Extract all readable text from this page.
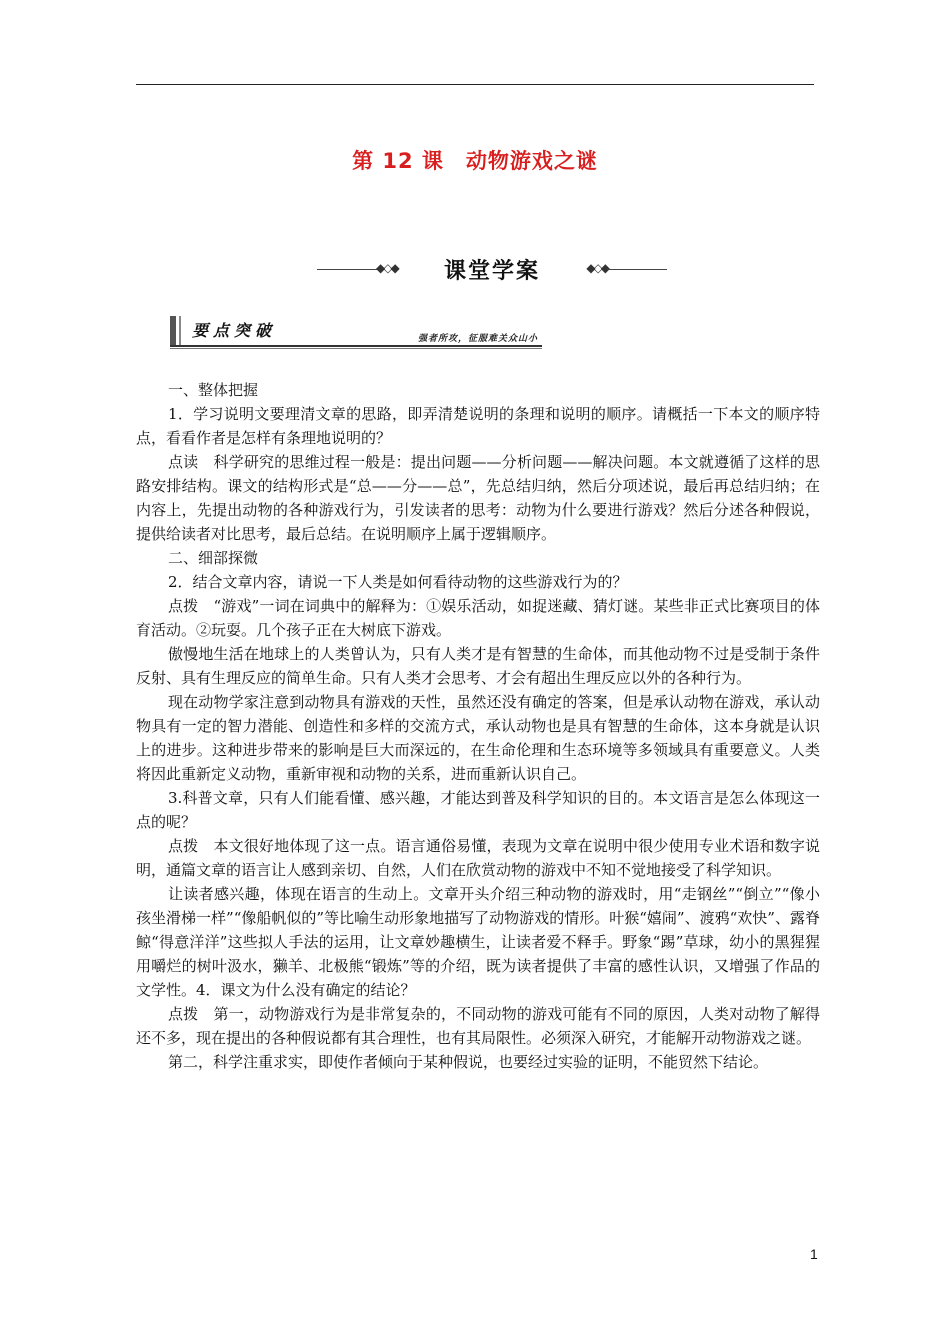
第 12 课　动物游戏之谜
◆◇◆	课堂学案	◆◇◆
要点突破	强者所攻，征服难关众山小

一、整体把握

1．学习说明文要理清文章的思路，即弄清楚说明的条理和说明的顺序。请概括一下本文的顺序特点，看看作者是怎样有条理地说明的？

点读　科学研究的思维过程一般是：提出问题——分析问题——解决问题。本文就遵循了这样的思路安排结构。课文的结构形式是“总——分——总”，先总结归纳，然后分项述说，最后再总结归纳；在内容上，先提出动物的各种游戏行为，引发读者的思考：动物为什么要进行游戏？然后分述各种假说，提供给读者对比思考，最后总结。在说明顺序上属于逻辑顺序。

二、细部探微

2．结合文章内容，请说一下人类是如何看待动物的这些游戏行为的？

点拨　“游戏”一词在词典中的解释为：①娱乐活动，如捉迷藏、猜灯谜。某些非正式比赛项目的体育活动。②玩耍。几个孩子正在大树底下游戏。

傲慢地生活在地球上的人类曾认为，只有人类才是有智慧的生命体，而其他动物不过是受制于条件反射、具有生理反应的简单生命。只有人类才会思考、才会有超出生理反应以外的各种行为。

现在动物学家注意到动物具有游戏的天性，虽然还没有确定的答案，但是承认动物在游戏，承认动物具有一定的智力潜能、创造性和多样的交流方式，承认动物也是具有智慧的生命体，这本身就是认识上的进步。这种进步带来的影响是巨大而深远的，在生命伦理和生态环境等多领域具有重要意义。人类将因此重新定义动物，重新审视和动物的关系，进而重新认识自己。

3.科普文章，只有人们能看懂、感兴趣，才能达到普及科学知识的目的。本文语言是怎么体现这一点的呢？

点拨　本文很好地体现了这一点。语言通俗易懂，表现为文章在说明中很少使用专业术语和数字说明，通篇文章的语言让人感到亲切、自然，人们在欣赏动物的游戏中不知不觉地接受了科学知识。

让读者感兴趣，体现在语言的生动上。文章开头介绍三种动物的游戏时，用“走钢丝”“倒立”“像小孩坐滑梯一样”“像船帆似的”等比喻生动形象地描写了动物游戏的情形。叶猴“嬉闹”、渡鸦“欢快”、露脊鲸“得意洋洋”这些拟人手法的运用，让文章妙趣横生，让读者爱不释手。野象“踢”草球，幼小的黑猩猩用嚼烂的树叶汲水，獭羊、北极熊“锻炼”等的介绍，既为读者提供了丰富的感性认识，又增强了作品的文学性。4．课文为什么没有确定的结论？

点拨　第一，动物游戏行为是非常复杂的，不同动物的游戏可能有不同的原因，人类对动物了解得还不多，现在提出的各种假说都有其合理性，也有其局限性。必须深入研究，才能解开动物游戏之谜。

第二，科学注重求实，即使作者倾向于某种假说，也要经过实验的证明，不能贸然下结论。

1
